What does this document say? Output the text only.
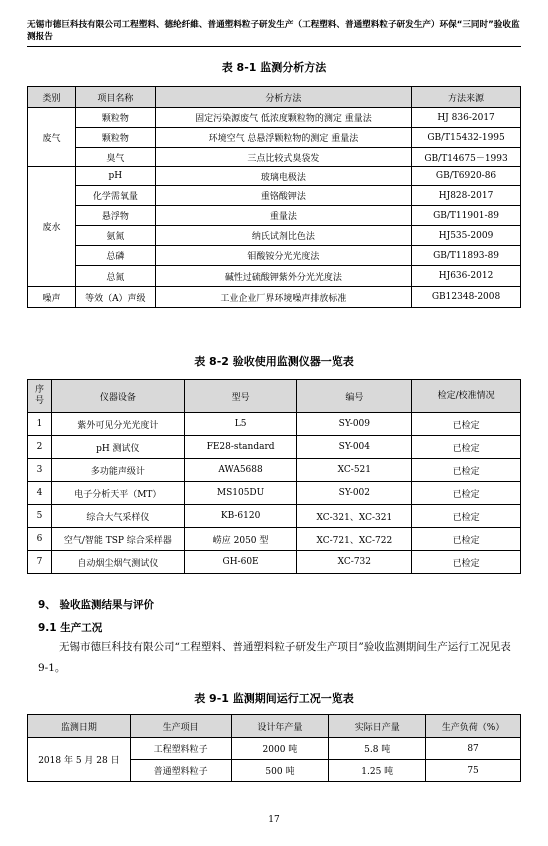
无锡市德巨科技有限公司工程塑料、德纶纤維、普通塑料粒子研发生产（工程塑料、普通塑料粒子研发生产）环保“三同时”验收监测报告
表 8-1 监测分析方法
类别	项目名称	分析方法	方法来源
废气	颗粒物	固定污染源废气 低浓度颗粒物的测定 重量法	HJ 836-2017
	颗粒物	环境空气 总悬浮颗粒物的测定 重量法	GB/T15432-1995
	臭气	三点比较式臭袋发	GB/T14675－1993
废水	pH	玻璃电极法	GB/T6920-86
	化学需氧量	重铬酸钾法	HJ828-2017
	悬浮物	重量法	GB/T11901-89
	氨氮	纳氏试剂比色法	HJ535-2009
	总磷	钼酸铵分光光度法	GB/T11893-89
	总氮	碱性过硫酸钾紫外分光光度法	HJ636-2012
噪声	等效（A）声级	工业企业厂界环境噪声排放标准	GB12348-2008
表 8-2 验收使用监测仪器一览表
序号	仪器设备	型号	编号	检定/校准情况
1	紫外可见分光光度计	L5	SY-009	已检定
2	pH 测试仪	FE28-standard	SY-004	已检定
3	多功能声级计	AWA5688	XC-521	已检定
4	电子分析天平（MT）	MS105DU	SY-002	已检定
5	综合大气采样仪	KB-6120	XC-321、XC-321	已检定
6	空气/智能 TSP 综合采样器	崂应 2050 型	XC-721、XC-722	已检定
7	自动烟尘烟气测试仪	GH-60E	XC-732	已检定
9、 验收监测结果与评价
9.1 生产工况
无锡市德巨科技有限公司“工程塑料、普通塑料粒子研发生产项目”验收监测期间生产运行工况见表 9-1。
表 9-1 监测期间运行工况一览表
监测日期	生产项目	设计年产量	实际日产量	生产负荷（%）
2018 年 5 月 28 日	工程塑料粒子	2000 吨	5.8 吨	87
	普通塑料粒子	500 吨	1.25 吨	75
17
